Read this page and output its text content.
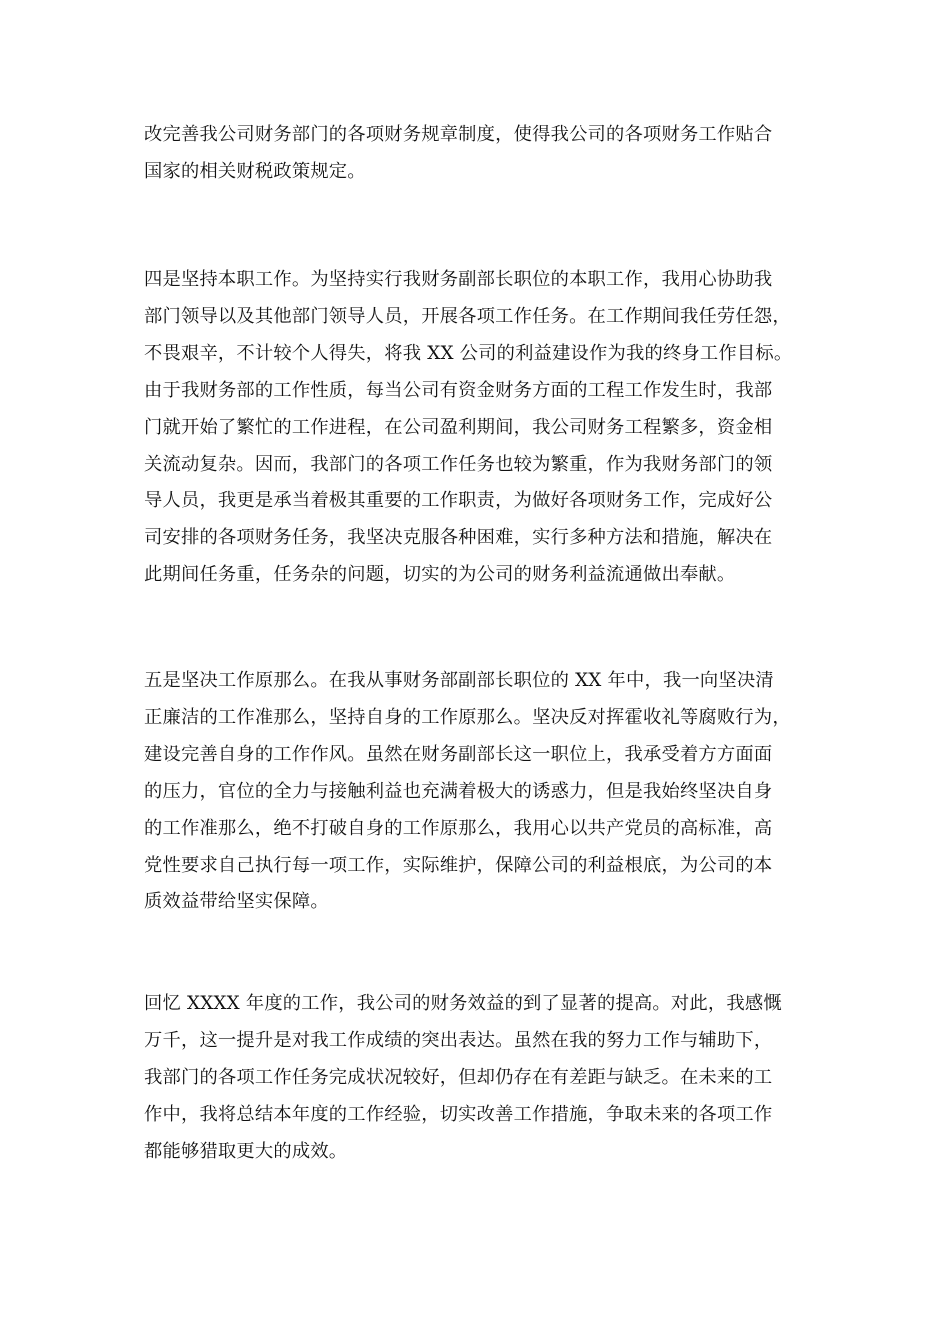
改完善我公司财务部门的各项财务规章制度，使得我公司的各项财务工作贴合
国家的相关财税政策规定。

四是坚持本职工作。为坚持实行我财务副部长职位的本职工作，我用心协助我
部门领导以及其他部门领导人员，开展各项工作任务。在工作期间我任劳任怨，
不畏艰辛，不计较个人得失，将我 XX 公司的利益建设作为我的终身工作目标。
由于我财务部的工作性质，每当公司有资金财务方面的工程工作发生时，我部
门就开始了繁忙的工作进程，在公司盈利期间，我公司财务工程繁多，资金相
关流动复杂。因而，我部门的各项工作任务也较为繁重，作为我财务部门的领
导人员，我更是承当着极其重要的工作职责，为做好各项财务工作，完成好公
司安排的各项财务任务，我坚决克服各种困难，实行多种方法和措施，解决在
此期间任务重，任务杂的问题，切实的为公司的财务利益流通做出奉献。

五是坚决工作原那么。在我从事财务部副部长职位的 XX 年中，我一向坚决清
正廉洁的工作准那么，坚持自身的工作原那么。坚决反对挥霍收礼等腐败行为，
建设完善自身的工作作风。虽然在财务副部长这一职位上，我承受着方方面面
的压力，官位的全力与接触利益也充满着极大的诱惑力，但是我始终坚决自身
的工作准那么，绝不打破自身的工作原那么，我用心以共产党员的高标准，高
党性要求自己执行每一项工作，实际维护，保障公司的利益根底，为公司的本
质效益带给坚实保障。

回忆 XXXX 年度的工作，我公司的财务效益的到了显著的提高。对此，我感慨
万千，这一提升是对我工作成绩的突出表达。虽然在我的努力工作与辅助下，
我部门的各项工作任务完成状况较好，但却仍存在有差距与缺乏。在未来的工
作中，我将总结本年度的工作经验，切实改善工作措施，争取未来的各项工作
都能够猎取更大的成效。
